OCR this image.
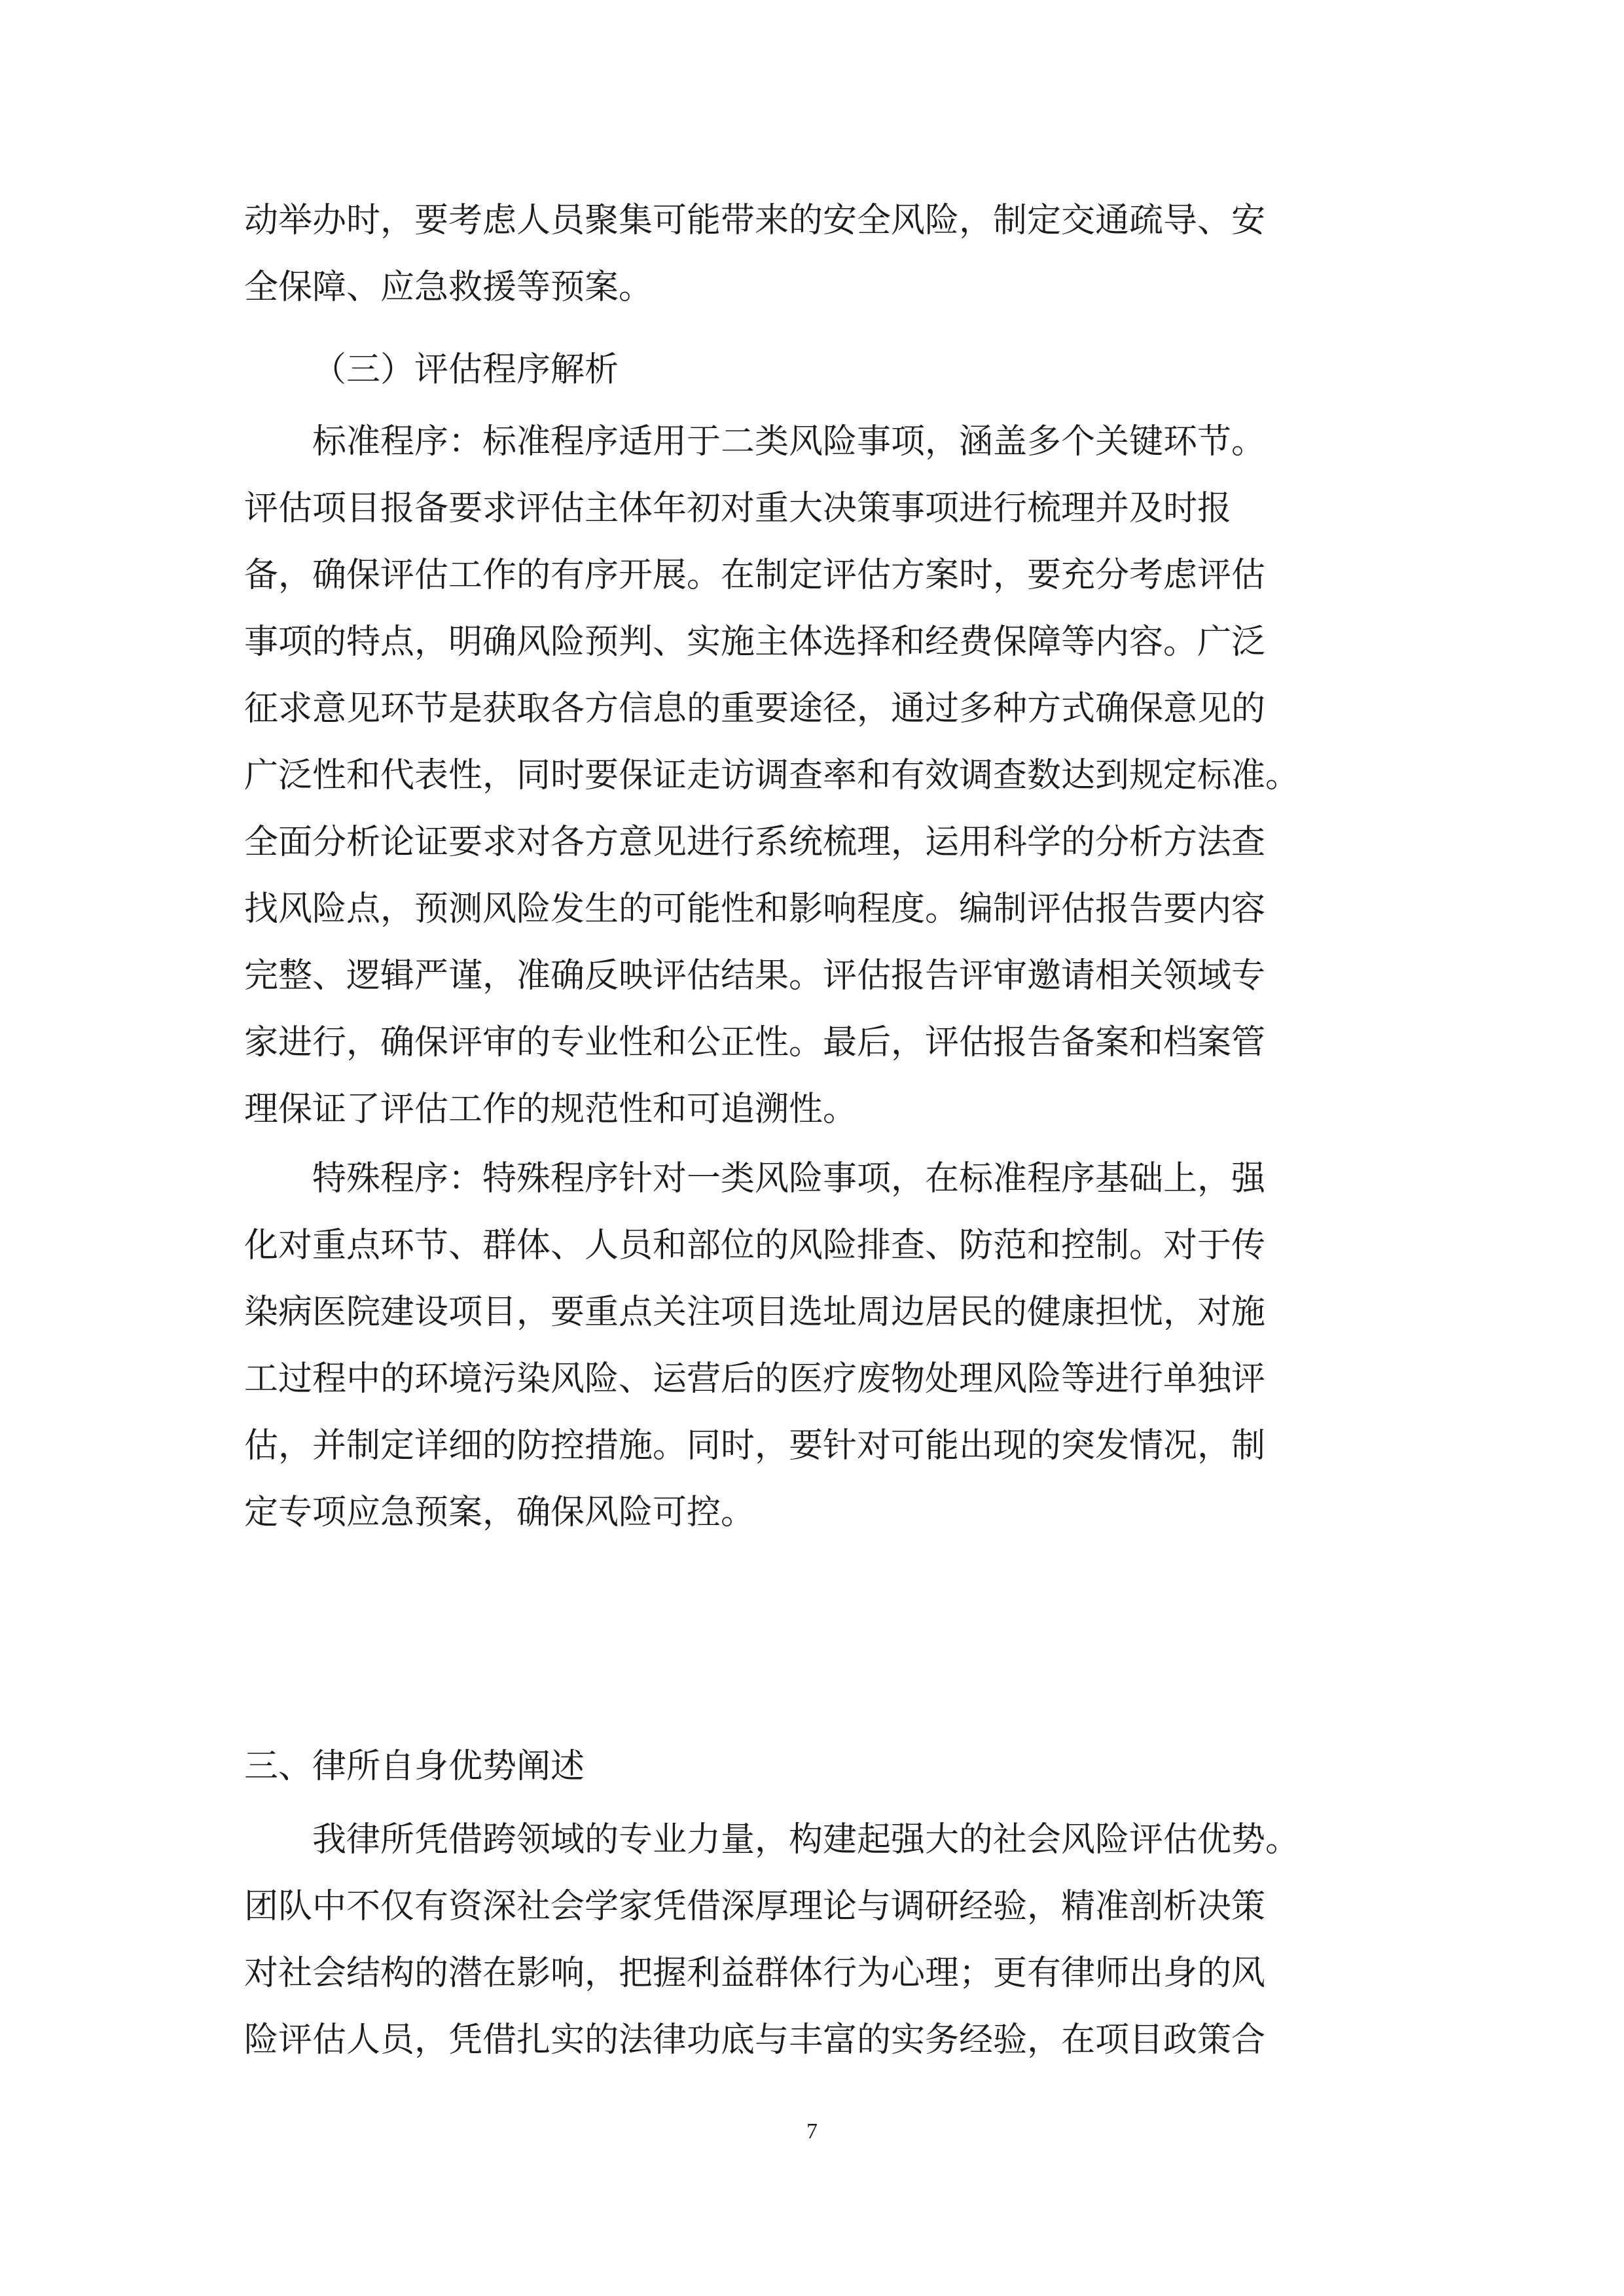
动举办时，要考虑人员聚集可能带来的安全风险，制定交通疏导、安
全保障、应急救援等预案。
（三）评估程序解析
标准程序：标准程序适用于二类风险事项，涵盖多个关键环节。
评估项目报备要求评估主体年初对重大决策事项进行梳理并及时报
备，确保评估工作的有序开展。在制定评估方案时，要充分考虑评估
事项的特点，明确风险预判、实施主体选择和经费保障等内容。广泛
征求意见环节是获取各方信息的重要途径，通过多种方式确保意见的
广泛性和代表性，同时要保证走访调查率和有效调查数达到规定标准。
全面分析论证要求对各方意见进行系统梳理，运用科学的分析方法查
找风险点，预测风险发生的可能性和影响程度。编制评估报告要内容
完整、逻辑严谨，准确反映评估结果。评估报告评审邀请相关领域专
家进行，确保评审的专业性和公正性。最后，评估报告备案和档案管
理保证了评估工作的规范性和可追溯性。
特殊程序：特殊程序针对一类风险事项，在标准程序基础上，强
化对重点环节、群体、人员和部位的风险排查、防范和控制。对于传
染病医院建设项目，要重点关注项目选址周边居民的健康担忧，对施
工过程中的环境污染风险、运营后的医疗废物处理风险等进行单独评
估，并制定详细的防控措施。同时，要针对可能出现的突发情况，制
定专项应急预案，确保风险可控。
三、律所自身优势阐述
我律所凭借跨领域的专业力量，构建起强大的社会风险评估优势。
团队中不仅有资深社会学家凭借深厚理论与调研经验，精准剖析决策
对社会结构的潜在影响，把握利益群体行为心理；更有律师出身的风
险评估人员，凭借扎实的法律功底与丰富的实务经验，在项目政策合
7
